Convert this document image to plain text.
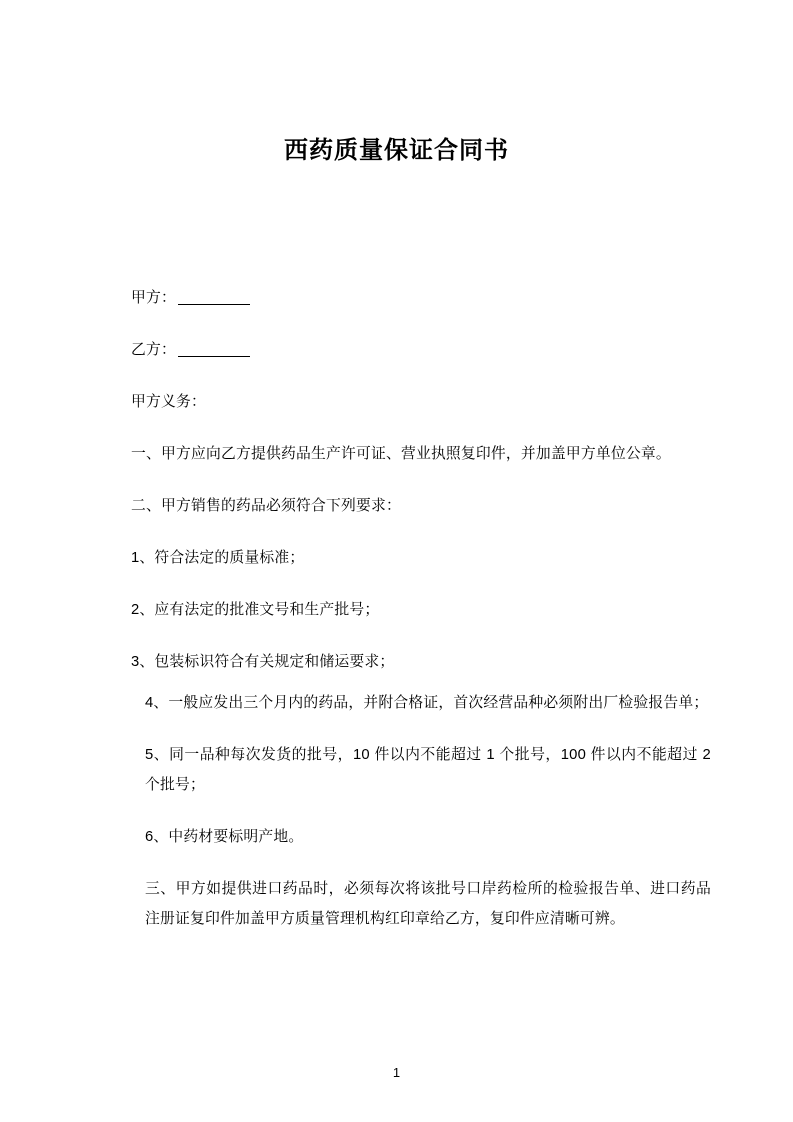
西药质量保证合同书

甲方：

乙方：

甲方义务：

一、甲方应向乙方提供药品生产许可证、营业执照复印件，并加盖甲方单位公章。

二、甲方销售的药品必须符合下列要求：

1、符合法定的质量标准；

2、应有法定的批准文号和生产批号；

3、包装标识符合有关规定和储运要求；

4、一般应发出三个月内的药品，并附合格证，首次经营品种必须附出厂检验报告单；

5、同一品种每次发货的批号，10 件以内不能超过 1 个批号，100 件以内不能超过 2 个批号；

6、中药材要标明产地。

三、甲方如提供进口药品时，必须每次将该批号口岸药检所的检验报告单、进口药品注册证复印件加盖甲方质量管理机构红印章给乙方，复印件应清晰可辨。

1
